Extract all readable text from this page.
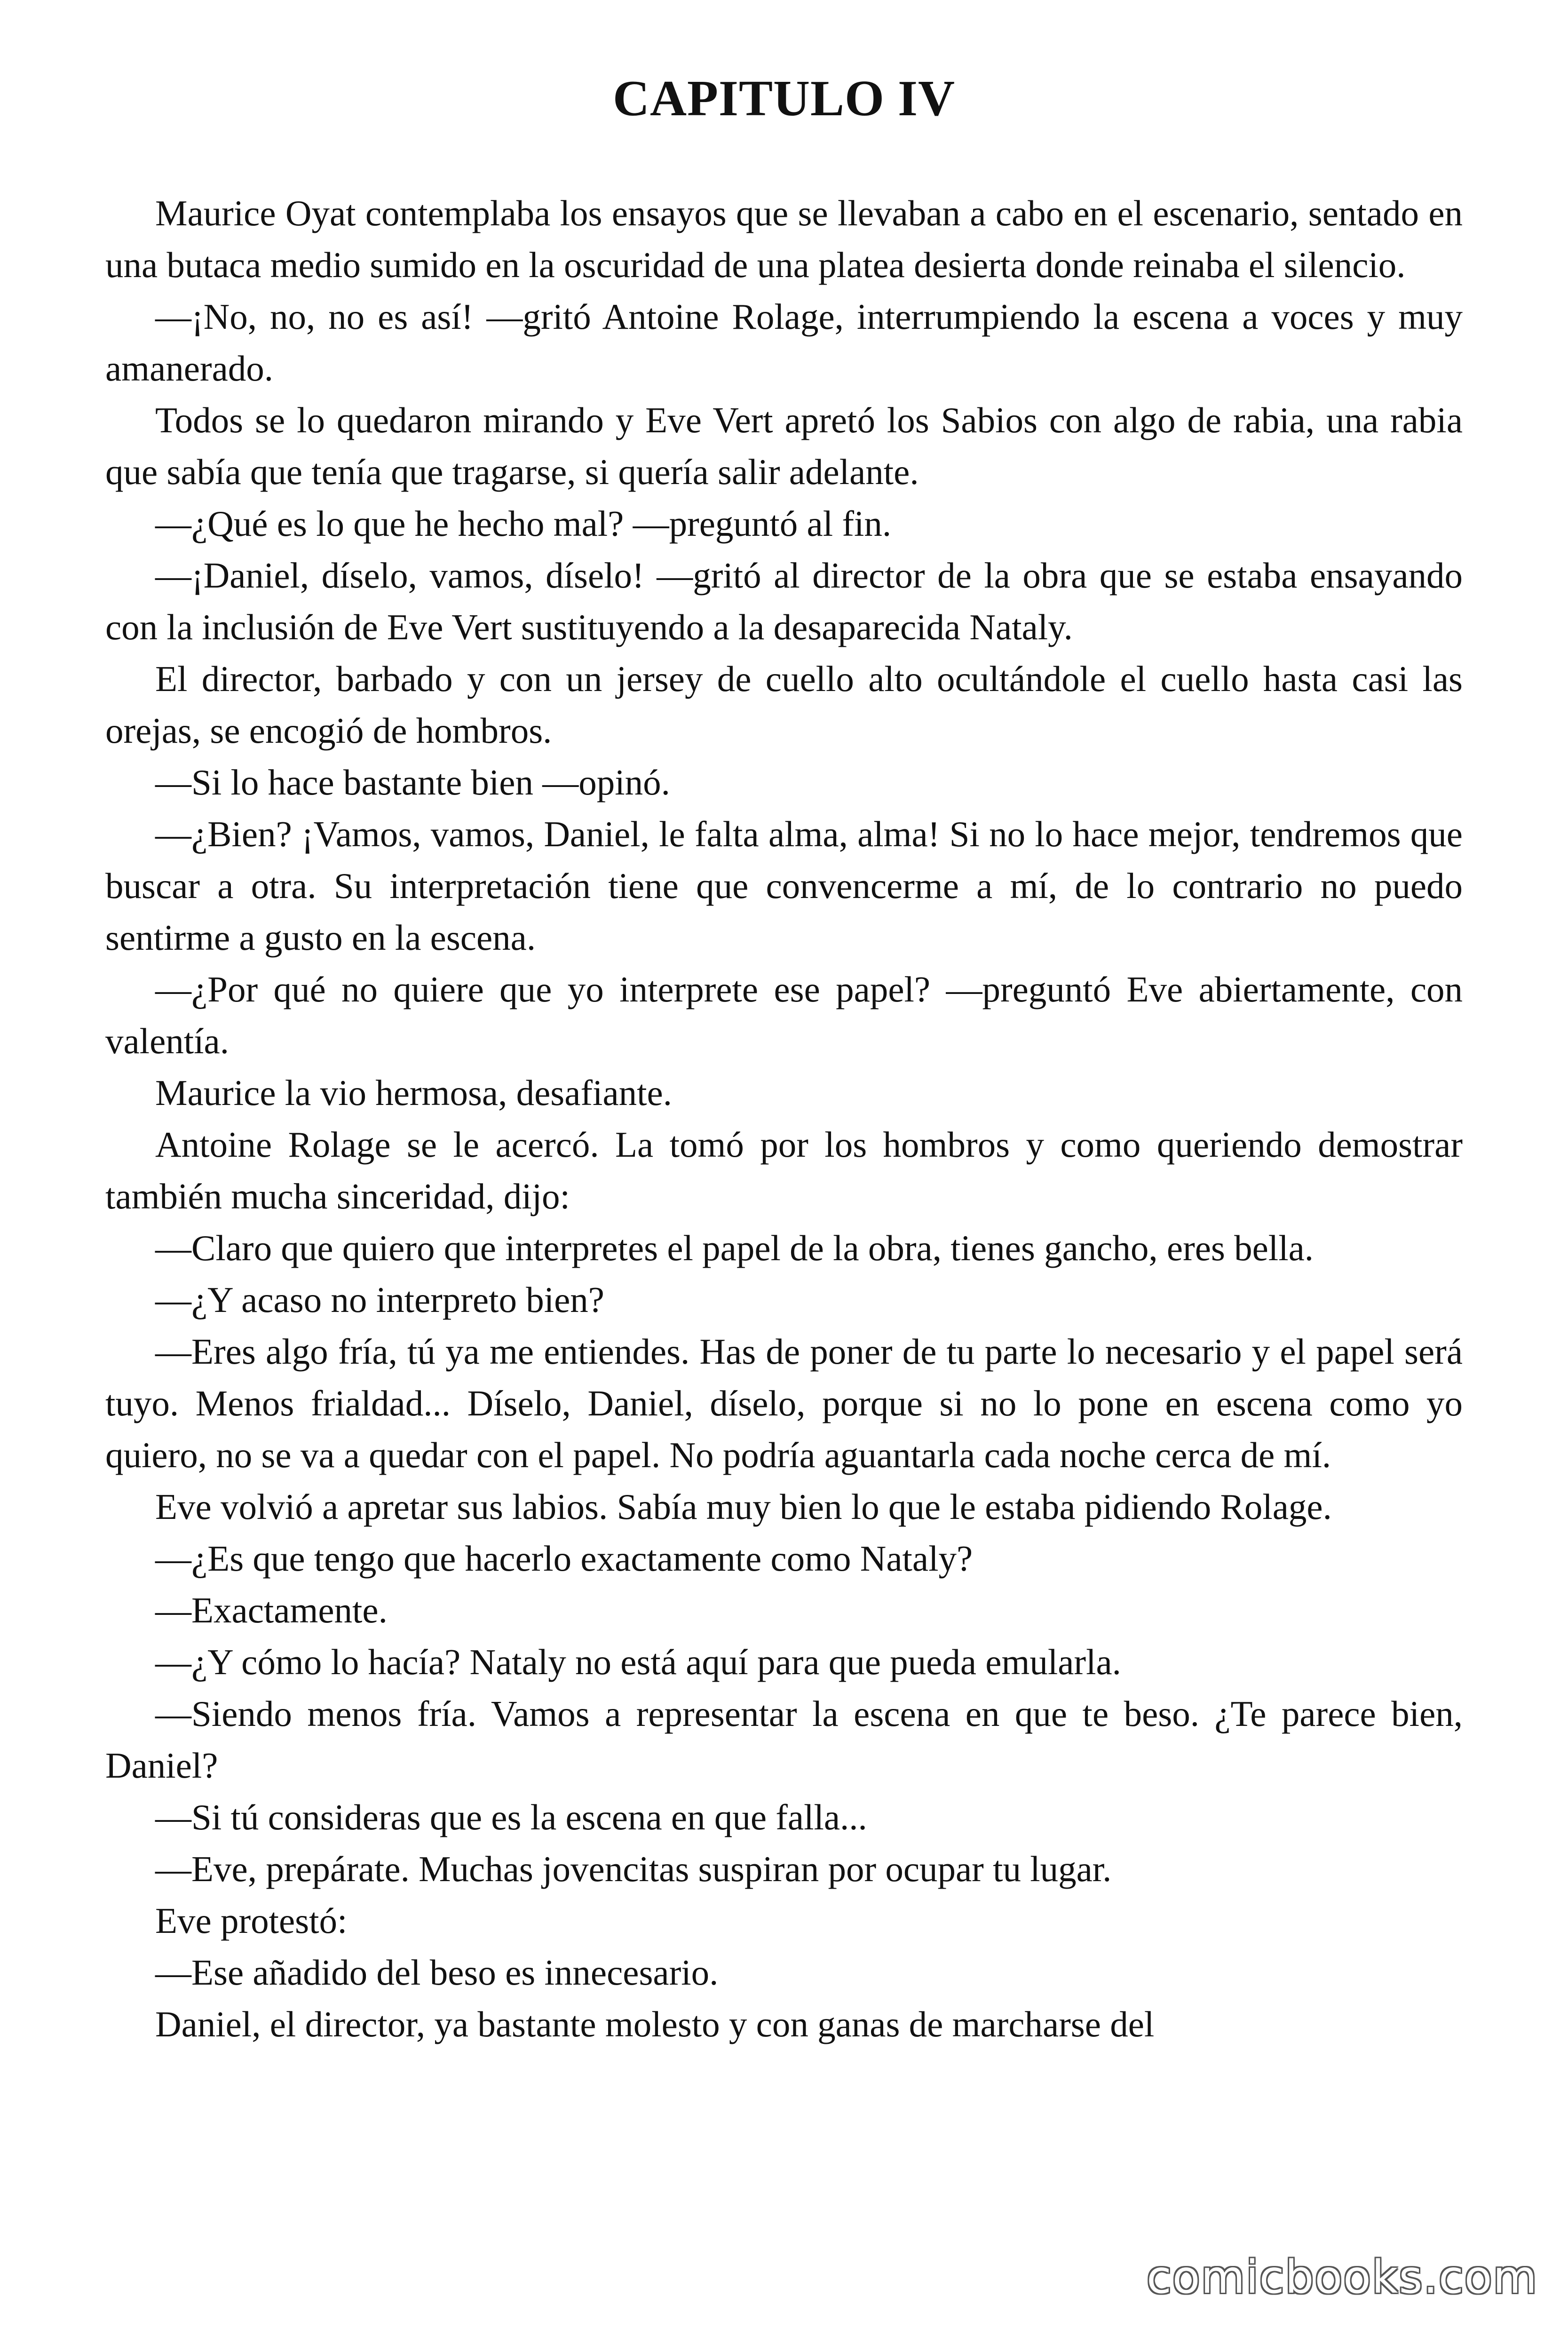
CAPITULO IV

Maurice Oyat contemplaba los ensayos que se llevaban a cabo en el escenario, sentado en una butaca medio sumido en la oscuridad de una platea desierta donde reinaba el silencio.

—¡No, no, no es así! —gritó Antoine Rolage, interrumpiendo la escena a voces y muy amanerado.

Todos se lo quedaron mirando y Eve Vert apretó los Sabios con algo de rabia, una rabia que sabía que tenía que tragarse, si quería salir adelante.

—¿Qué es lo que he hecho mal? —preguntó al fin.

—¡Daniel, díselo, vamos, díselo! —gritó al director de la obra que se estaba ensayando con la inclusión de Eve Vert sustituyendo a la desaparecida Nataly.

El director, barbado y con un jersey de cuello alto ocultándole el cuello hasta casi las orejas, se encogió de hombros.

—Si lo hace bastante bien —opinó.

—¿Bien? ¡Vamos, vamos, Daniel, le falta alma, alma! Si no lo hace mejor, tendremos que buscar a otra. Su interpretación tiene que convencerme a mí, de lo contrario no puedo sentirme a gusto en la escena.

—¿Por qué no quiere que yo interprete ese papel? —preguntó Eve abiertamente, con valentía.

Maurice la vio hermosa, desafiante.

Antoine Rolage se le acercó. La tomó por los hombros y como queriendo demostrar también mucha sinceridad, dijo:

—Claro que quiero que interpretes el papel de la obra, tienes gancho, eres bella.

—¿Y acaso no interpreto bien?

—Eres algo fría, tú ya me entiendes. Has de poner de tu parte lo necesario y el papel será tuyo. Menos frialdad... Díselo, Daniel, díselo, porque si no lo pone en escena como yo quiero, no se va a quedar con el papel. No podría aguantarla cada noche cerca de mí.

Eve volvió a apretar sus labios. Sabía muy bien lo que le estaba pidiendo Rolage.

—¿Es que tengo que hacerlo exactamente como Nataly?

—Exactamente.

—¿Y cómo lo hacía? Nataly no está aquí para que pueda emularla.

—Siendo menos fría. Vamos a representar la escena en que te beso. ¿Te parece bien, Daniel?

—Si tú consideras que es la escena en que falla...

—Eve, prepárate. Muchas jovencitas suspiran por ocupar tu lugar.

Eve protestó:

—Ese añadido del beso es innecesario.

Daniel, el director, ya bastante molesto y con ganas de marcharse del

comicbooks.com
